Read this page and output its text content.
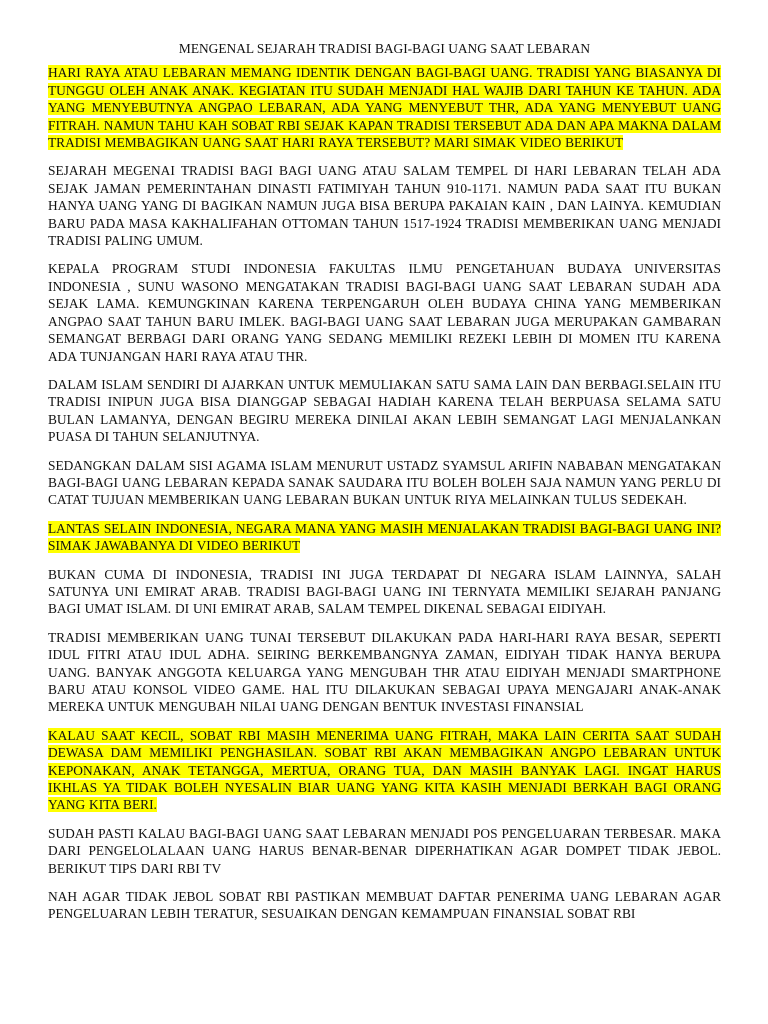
MENGENAL SEJARAH TRADISI BAGI-BAGI UANG SAAT LEBARAN

HARI RAYA ATAU LEBARAN MEMANG IDENTIK DENGAN BAGI-BAGI UANG. TRADISI YANG BIASANYA DI TUNGGU OLEH ANAK ANAK. KEGIATAN ITU SUDAH MENJADI HAL WAJIB DARI TAHUN KE TAHUN. ADA YANG MENYEBUTNYA ANGPAO LEBARAN, ADA YANG MENYEBUT THR, ADA YANG MENYEBUT UANG FITRAH. NAMUN TAHU KAH SOBAT RBI SEJAK KAPAN TRADISI TERSEBUT ADA DAN APA MAKNA DALAM TRADISI MEMBAGIKAN UANG SAAT HARI RAYA TERSEBUT? MARI SIMAK VIDEO BERIKUT

SEJARAH MEGENAI TRADISI BAGI BAGI UANG ATAU SALAM TEMPEL DI HARI LEBARAN TELAH ADA SEJAK JAMAN PEMERINTAHAN DINASTI FATIMIYAH TAHUN 910-1171. NAMUN PADA SAAT ITU BUKAN HANYA UANG YANG DI BAGIKAN NAMUN JUGA BISA BERUPA PAKAIAN KAIN , DAN LAINYA. KEMUDIAN BARU PADA MASA KAKHALIFAHAN OTTOMAN TAHUN 1517-1924 TRADISI MEMBERIKAN UANG MENJADI TRADISI PALING UMUM.

KEPALA PROGRAM STUDI INDONESIA FAKULTAS ILMU PENGETAHUAN BUDAYA UNIVERSITAS INDONESIA , SUNU WASONO MENGATAKAN TRADISI BAGI-BAGI UANG SAAT LEBARAN SUDAH ADA SEJAK LAMA. KEMUNGKINAN KARENA TERPENGARUH OLEH BUDAYA CHINA YANG MEMBERIKAN ANGPAO SAAT TAHUN BARU IMLEK. BAGI-BAGI UANG SAAT LEBARAN JUGA MERUPAKAN GAMBARAN SEMANGAT BERBAGI DARI ORANG YANG SEDANG MEMILIKI REZEKI LEBIH DI MOMEN ITU KARENA ADA TUNJANGAN HARI RAYA ATAU THR.

DALAM ISLAM SENDIRI DI AJARKAN UNTUK MEMULIAKAN SATU SAMA LAIN DAN BERBAGI.SELAIN ITU TRADISI INIPUN JUGA BISA DIANGGAP SEBAGAI HADIAH KARENA TELAH BERPUASA SELAMA SATU BULAN LAMANYA, DENGAN BEGIRU MEREKA DINILAI AKAN LEBIH SEMANGAT LAGI MENJALANKAN PUASA DI TAHUN SELANJUTNYA.

SEDANGKAN DALAM SISI AGAMA ISLAM MENURUT USTADZ SYAMSUL ARIFIN NABABAN MENGATAKAN BAGI-BAGI UANG LEBARAN KEPADA SANAK SAUDARA ITU BOLEH BOLEH SAJA NAMUN YANG PERLU DI CATAT TUJUAN MEMBERIKAN UANG LEBARAN BUKAN UNTUK RIYA MELAINKAN TULUS SEDEKAH.

LANTAS SELAIN INDONESIA, NEGARA MANA YANG MASIH MENJALAKAN TRADISI BAGI-BAGI UANG INI? SIMAK JAWABANYA DI VIDEO BERIKUT

BUKAN CUMA DI INDONESIA, TRADISI INI JUGA TERDAPAT DI NEGARA ISLAM LAINNYA, SALAH SATUNYA UNI EMIRAT ARAB. TRADISI BAGI-BAGI UANG INI TERNYATA MEMILIKI SEJARAH PANJANG BAGI UMAT ISLAM. DI UNI EMIRAT ARAB, SALAM TEMPEL DIKENAL SEBAGAI EIDIYAH.

TRADISI MEMBERIKAN UANG TUNAI TERSEBUT DILAKUKAN PADA HARI-HARI RAYA BESAR, SEPERTI IDUL FITRI ATAU IDUL ADHA. SEIRING BERKEMBANGNYA ZAMAN, EIDIYAH TIDAK HANYA BERUPA UANG. BANYAK ANGGOTA KELUARGA YANG MENGUBAH THR ATAU EIDIYAH MENJADI SMARTPHONE BARU ATAU KONSOL VIDEO GAME. HAL ITU DILAKUKAN SEBAGAI UPAYA MENGAJARI ANAK-ANAK MEREKA UNTUK MENGUBAH NILAI UANG DENGAN BENTUK INVESTASI FINANSIAL

KALAU SAAT KECIL, SOBAT RBI MASIH MENERIMA UANG FITRAH, MAKA LAIN CERITA SAAT SUDAH DEWASA DAM MEMILIKI PENGHASILAN. SOBAT RBI AKAN MEMBAGIKAN ANGPO LEBARAN UNTUK KEPONAKAN, ANAK TETANGGA, MERTUA, ORANG TUA, DAN MASIH BANYAK LAGI. INGAT HARUS IKHLAS YA TIDAK BOLEH NYESALIN BIAR UANG YANG KITA KASIH MENJADI BERKAH BAGI ORANG YANG KITA BERI.

SUDAH PASTI KALAU BAGI-BAGI UANG SAAT LEBARAN MENJADI POS PENGELUARAN TERBESAR. MAKA DARI PENGELOLALAAN UANG HARUS BENAR-BENAR DIPERHATIKAN AGAR DOMPET TIDAK JEBOL. BERIKUT TIPS DARI RBI TV

NAH AGAR TIDAK JEBOL SOBAT RBI PASTIKAN MEMBUAT DAFTAR PENERIMA UANG LEBARAN AGAR PENGELUARAN LEBIH TERATUR, SESUAIKAN DENGAN KEMAMPUAN FINANSIAL SOBAT RBI
